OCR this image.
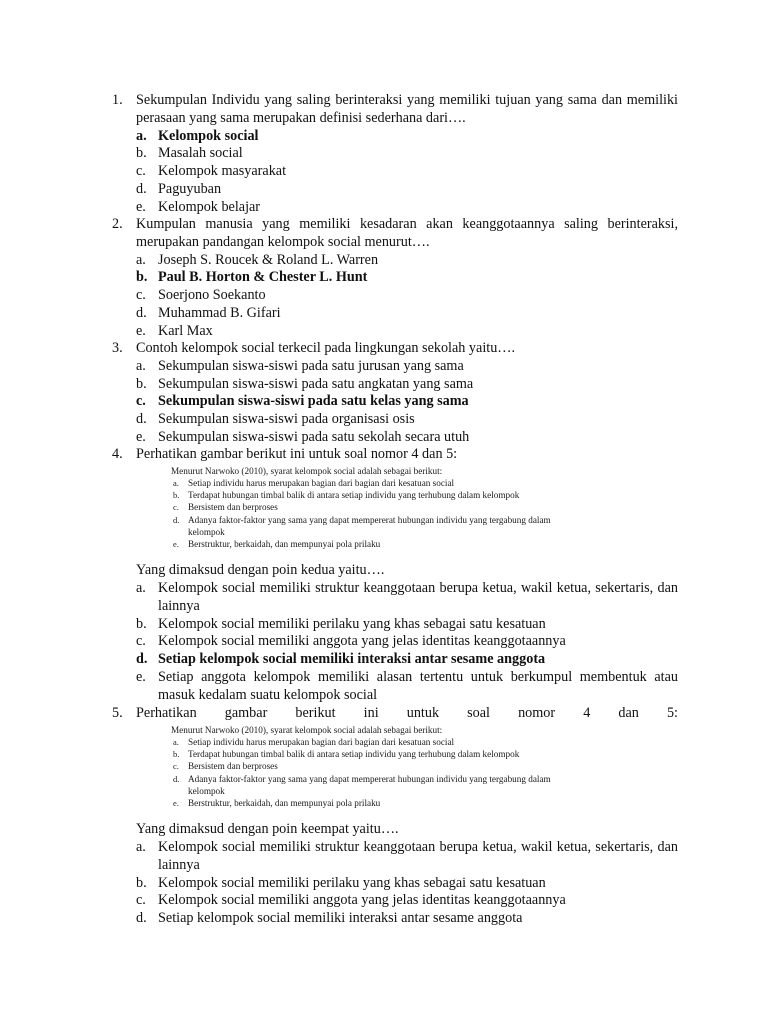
1. Sekumpulan Individu yang saling berinteraksi yang memiliki tujuan yang sama dan memiliki perasaan yang sama merupakan definisi sederhana dari….
a. Kelompok social
b. Masalah social
c. Kelompok masyarakat
d. Paguyuban
e. Kelompok belajar
2. Kumpulan manusia yang memiliki kesadaran akan keanggotaannya saling berinteraksi, merupakan pandangan kelompok social menurut….
a. Joseph S. Roucek & Roland L. Warren
b. Paul B. Horton & Chester L. Hunt
c. Soerjono Soekanto
d. Muhammad B. Gifari
e. Karl Max
3. Contoh kelompok social terkecil pada lingkungan sekolah yaitu….
a. Sekumpulan siswa-siswi pada satu jurusan yang sama
b. Sekumpulan siswa-siswi pada satu angkatan yang sama
c. Sekumpulan siswa-siswi pada satu kelas yang sama
d. Sekumpulan siswa-siswi pada organisasi osis
e. Sekumpulan siswa-siswi pada satu sekolah secara utuh
4. Perhatikan gambar berikut ini untuk soal nomor 4 dan 5:
Menurut Narwoko (2010), syarat kelompok social adalah sebagai berikut:
a. Setiap individu harus merupakan bagian dari bagian dari kesatuan social
b. Terdapat hubungan timbal balik di antara setiap individu yang terhubung dalam kelompok
c. Bersistem dan berproses
d. Adanya faktor-faktor yang sama yang dapat mempererat hubungan individu yang tergabung dalam kelompok
e. Berstruktur, berkaidah, dan mempunyai pola prilaku
Yang dimaksud dengan poin kedua yaitu….
a. Kelompok social memiliki struktur keanggotaan berupa ketua, wakil ketua, sekertaris, dan lainnya
b. Kelompok social memiliki perilaku yang khas sebagai satu kesatuan
c. Kelompok social memiliki anggota yang jelas identitas keanggotaannya
d. Setiap kelompok social memiliki interaksi antar sesame anggota
e. Setiap anggota kelompok memiliki alasan tertentu untuk berkumpul membentuk atau masuk kedalam suatu kelompok social
5. Perhatikan gambar berikut ini untuk soal nomor 4 dan 5:
Menurut Narwoko (2010), syarat kelompok social adalah sebagai berikut:
a. Setiap individu harus merupakan bagian dari bagian dari kesatuan social
b. Terdapat hubungan timbal balik di antara setiap individu yang terhubung dalam kelompok
c. Bersistem dan berproses
d. Adanya faktor-faktor yang sama yang dapat mempererat hubungan individu yang tergabung dalam kelompok
e. Berstruktur, berkaidah, dan mempunyai pola prilaku
Yang dimaksud dengan poin keempat yaitu….
a. Kelompok social memiliki struktur keanggotaan berupa ketua, wakil ketua, sekertaris, dan lainnya
b. Kelompok social memiliki perilaku yang khas sebagai satu kesatuan
c. Kelompok social memiliki anggota yang jelas identitas keanggotaannya
d. Setiap kelompok social memiliki interaksi antar sesame anggota
